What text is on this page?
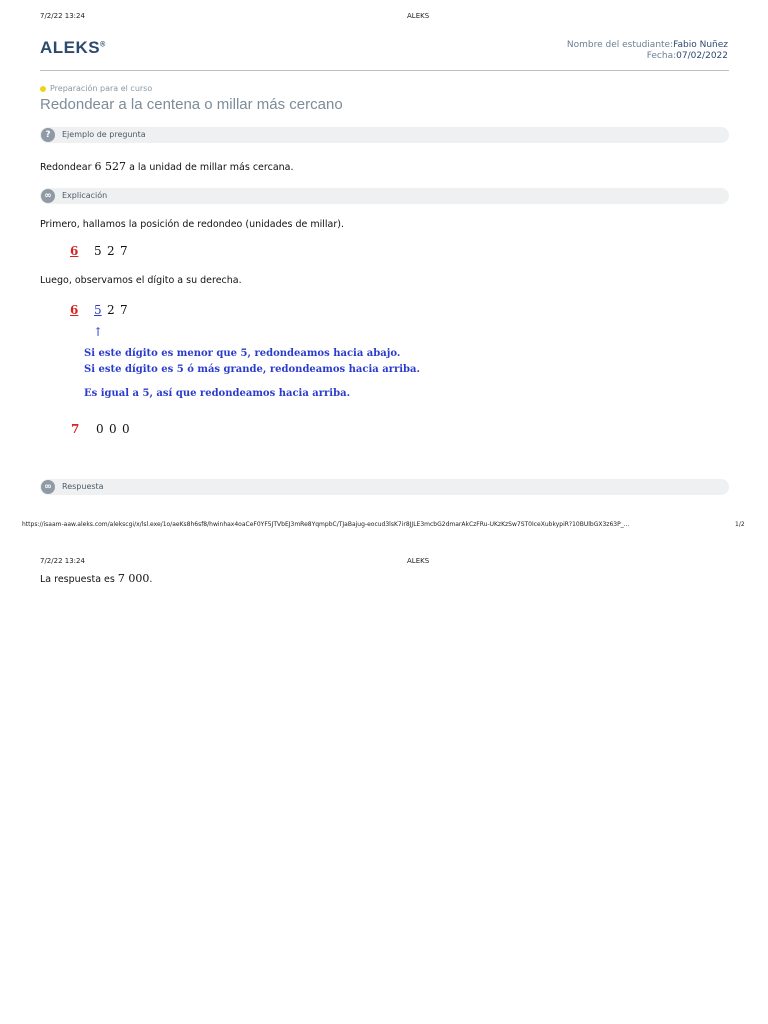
7/2/22 13:24	ALEKS
ALEKS®	Nombre del estudiante:Fabio Nuñez
Fecha:07/02/2022
Preparación para el curso
Redondear a la centena o millar más cercano
?	Ejemplo de pregunta
Redondear 6 527 a la unidad de millar más cercana.
∞	Explicación
Primero, hallamos la posición de redondeo (unidades de millar).
6 5 2 7
Luego, observamos el dígito a su derecha.
6 5 2 7
↑
Si este dígito es menor que 5, redondeamos hacia abajo.
Si este dígito es 5 ó más grande, redondeamos hacia arriba.
Es igual a 5, así que redondeamos hacia arriba.
7 0 0 0
∞	Respuesta
https://isaam-aaw.aleks.com/alekscgi/x/lsl.exe/1o/aeKs8h6sf8/hwinhax4oaCeF0YF5JTVbEJ3mRe8YqmpbC/TJaBajug-eocud3lsK7ir8JJLE3mcbG2dmarAkCzFRu-UKzKzSw7ST0IceXubkypiR?10BUlbGX3z63P_...	1/2
7/2/22 13:24	ALEKS
La respuesta es 7 000.
